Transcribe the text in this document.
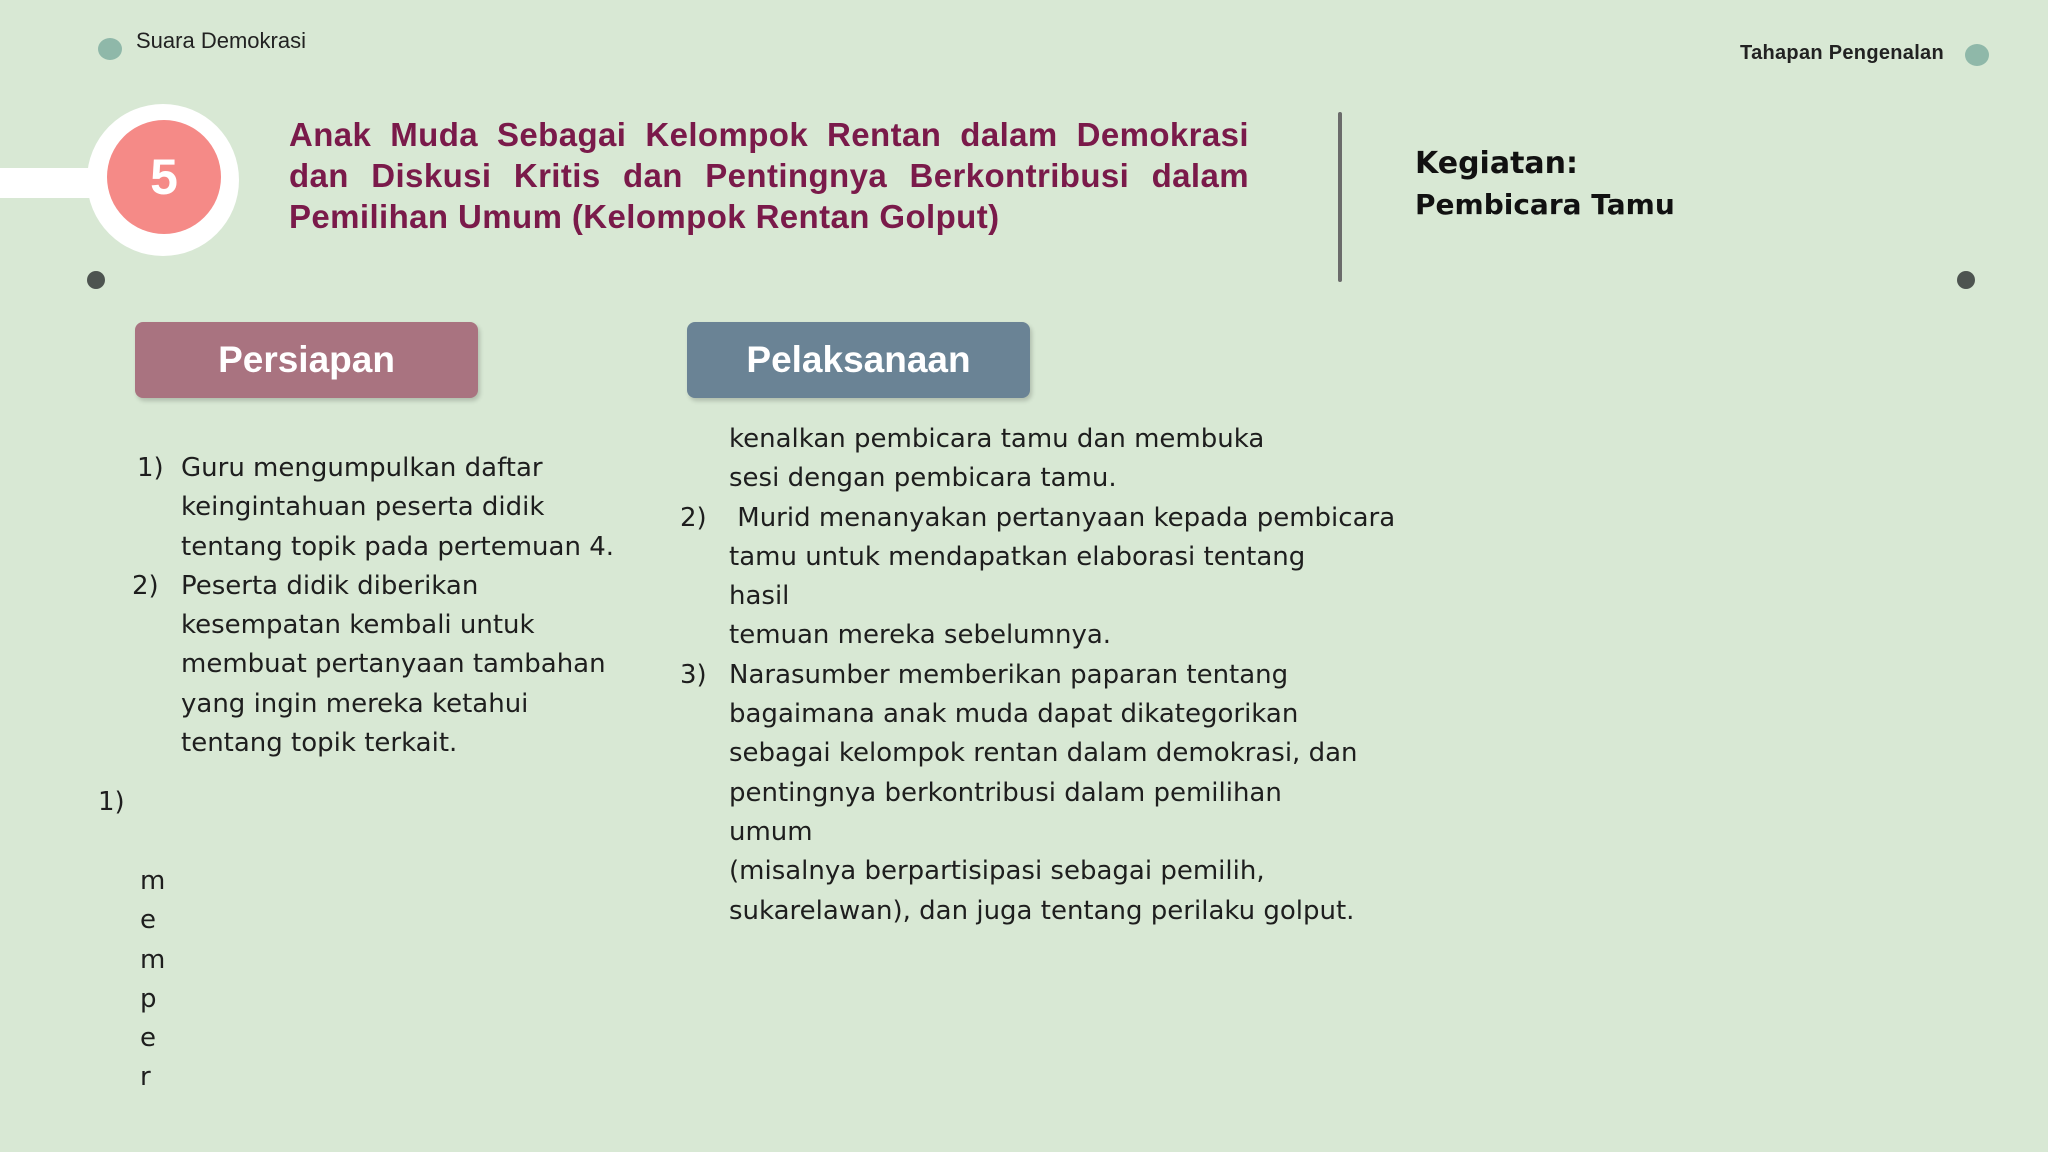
Suara Demokrasi	Tahapan Pengenalan
5
Anak Muda Sebagai Kelompok Rentan dalam Demokrasi dan Diskusi Kritis dan Pentingnya Berkontribusi dalam Pemilihan Umum (Kelompok Rentan Golput)
Kegiatan:
Pembicara Tamu
Persiapan	Pelaksanaan
1) Guru mengumpulkan daftar
keingintahuan peserta didik
tentang topik pada pertemuan 4.
2) Peserta didik diberikan
kesempatan kembali untuk
membuat pertanyaan tambahan
yang ingin mereka ketahui
tentang topik terkait.
1)
m
e
m
p
e
r
kenalkan pembicara tamu dan membuka
sesi dengan pembicara tamu.
2) Murid menanyakan pertanyaan kepada pembicara
tamu untuk mendapatkan elaborasi tentang hasil
temuan mereka sebelumnya.
3) Narasumber memberikan paparan tentang
bagaimana anak muda dapat dikategorikan
sebagai kelompok rentan dalam demokrasi, dan
pentingnya berkontribusi dalam pemilihan umum
(misalnya berpartisipasi sebagai pemilih,
sukarelawan), dan juga tentang perilaku golput.
